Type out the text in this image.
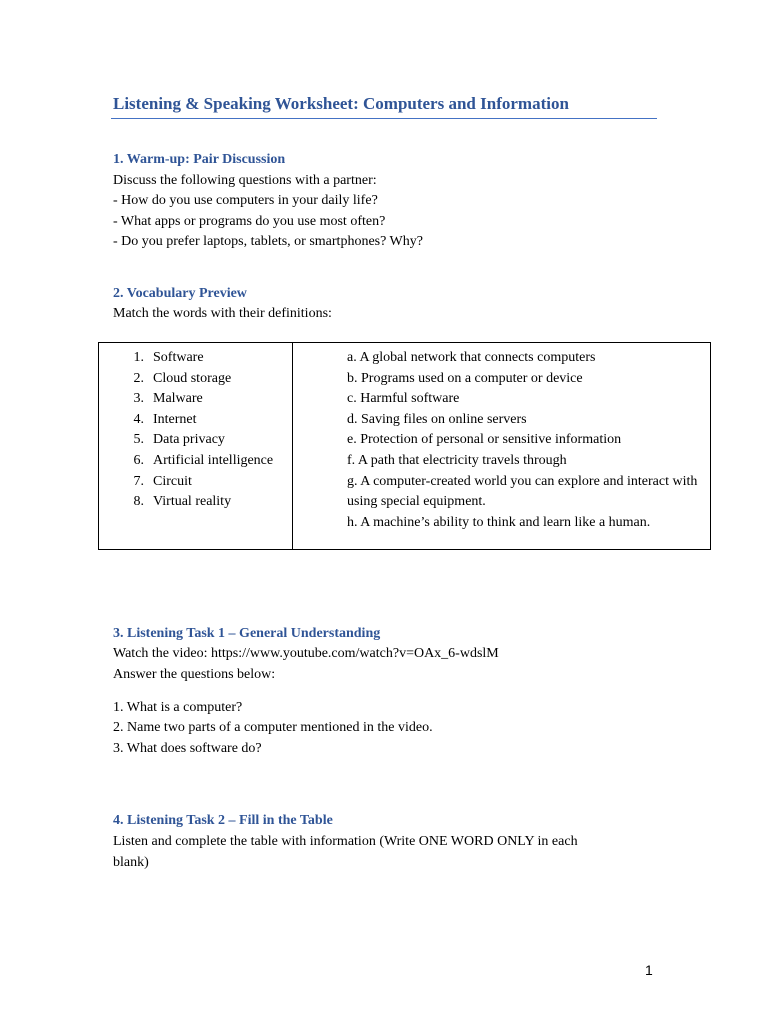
Listening & Speaking Worksheet: Computers and Information
1. Warm-up: Pair Discussion
Discuss the following questions with a partner:
- How do you use computers in your daily life?
- What apps or programs do you use most often?
- Do you prefer laptops, tablets, or smartphones? Why?
2. Vocabulary Preview
Match the words with their definitions:
1. Software
2. Cloud storage
3. Malware
4. Internet
5. Data privacy
6. Artificial intelligence
7. Circuit
8. Virtual reality

a. A global network that connects computers
b. Programs used on a computer or device
c. Harmful software
d. Saving files on online servers
e. Protection of personal or sensitive information
f. A path that electricity travels through
g. A computer-created world you can explore and interact with using special equipment.
h. A machine’s ability to think and learn like a human.
3. Listening Task 1 – General Understanding
Watch the video: https://www.youtube.com/watch?v=OAx_6-wdslM
Answer the questions below:
1. What is a computer?
2. Name two parts of a computer mentioned in the video.
3. What does software do?
4. Listening Task 2 – Fill in the Table
Listen and complete the table with information (Write ONE WORD ONLY in each
blank)
1
